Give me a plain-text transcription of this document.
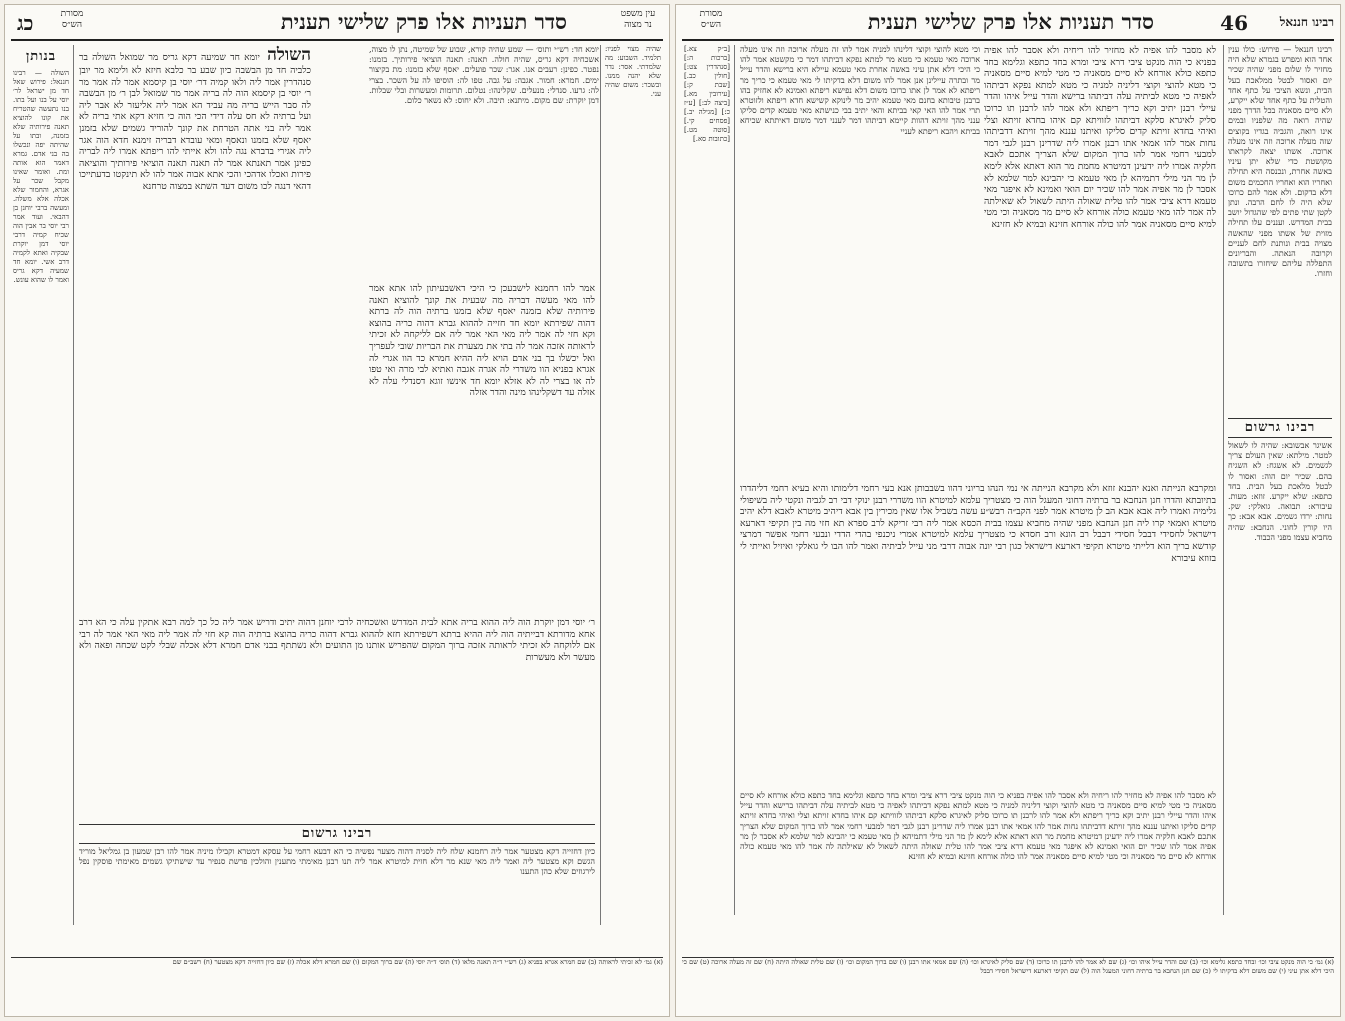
רבינו חננאל
46
סדר תעניות אלו פרק שלישי תענית
מסורת הש״ס
רבינו חננאל — פירוש: כולו ענין אחד הוא ומפרש בגמרא שלא היה מחזיר לו שלום מפני שהיה שכיר יום ואסור לבטל ממלאכת בעל הבית, ונשא הציבי על כתף אחד והטלית על כתף אחד שלא ייקרע, ולא סיים מסאניה בכל הדרך מפני שהיה רואה מה שלפניו ובמים אינו רואה, והגביה בגדיו בקוצים שזה מעלה ארוכה וזה אינו מעלה ארוכה. אשתו יצאה לקראתו מקושטת כדי שלא יתן עיניו באשה אחרת, ונכנסה היא תחילה ואחריו הוא ואחריו החכמים משום דלא בדקום. ולא אמר להם כרוכו שלא היה לו לחם הרבה. ונתן לקטן שתי פתים לפי שהגדול יושב בבית המדרש. ועננים עלו תחילה מזוית של אשתו מפני שהאשה מצויה בבית ונותנת לחם לעניים וקרובה הנאתה. והבריונים התפללה עליהם שיחזרו בתשובה וחזרו.
[ב״ק צא.] [ברכות ה:] [סנהדרין צט:] [חולין כב.] [שבת ק:] [עירובין מא.] [ביצה לב:] [ע״ז כ:] [מגילה יב.] [פסחים קי.] [סוטה מט.] [כתובות סא.]
וכי מטא להוצי וקוצי דלינהו למניה אמר להו זה מעלה ארוכה וזה אינו מעלה ארוכה מאי טעמא כי מטא מר למתא נפקא דביתהו דמר כי מקשטא אמר להו כי היכי דלא אתן עיני באשה אחרת מאי טעמא עיילא היא ברישא והדר עייל מר ובתרה עיילינן אנן אמר להו משום דלא בדקיתו לי מאי טעמא כי כריך מר ריפתא לא אמר לן אתו כרוכו משום דלא נפישא ריפתא ואמינא לא אחזיק בהו ברבנן טיבותא בחנם מאי טעמא יהיב מר לינוקא קשישא חדא ריפתא ולזוטרא תרי אמר להו האי קאי בביתא והאי יתיב בבי כנישתא מאי טעמא קדים סליקו ענני מהך זויתא דהוות קיימא דביתהו דמר לענני דמר משום דאיתתא שכיחא בביתא ויהבא ריפתא לעניי
לא מסבר להו אפיה לא מחזיר להו ריחיה ולא אסבר להו אפיה בפניא כי הוה מנקט ציבי דרא ציבי ומרא בחד כתפא וגלימא בחד כתפא כולא אורחא לא סיים מסאניה כי מטי למיא סיים מסאניה כי מטא להוצי וקוצי דליניה למניה כי מטא למתא נפקא דביתהו לאפיה כי מטא לביתיה עלה דביתהו ברישא והדר עייל איהו והדר עיילי רבנן יתיב וקא כריך ריפתא ולא אמר להו לרבנן תו כרוכו סליק לאיגרא סלקא דביתהו לזוויתא קם איהו בחדא זויתא וצלי ואיהי בחדא זויתא קדים סליקו ואיתנו עננא מהך זויתא דדביתהו נחות אמר להו אמאי אתו רבנן אמרו ליה שדרינן רבנן לגבי דמר למבעי רחמי אמר להו ברוך המקום שלא הצריך אתכם לאבא חלקיה אמרו ליה ידעינן דמיטרא מחמת מר הוא דאתא אלא לימא לן מר הני מילי דתמיהא לן מאי טעמא כי יהבינא למר שלמא לא אסבר לן מר אפיה אמר להו שכיר יום הואי ואמינא לא איפגר מאי טעמא דרא ציבי אמר להו טלית שאולה היתה לשאול לא שאילתה לה אמר להו מאי טעמא כולה אורחא לא סיים מר מסאניה וכי מטי למיא סיים מסאניה אמר להו כולה אורחא חזינא ובמיא לא חזינא
ומקרבא הנייתה ואנא יהבנא זוזא ולא מקרבא הנייתה אי נמי הנהו בריוני דהוו בשבבותן אנא בעי רחמי דלימותו והיא בעיא רחמי דליהדרו בתיובתא והדרו חנן הנחבא בר ברתיה דחוני המעגל הוה כי מצטריך עלמא למיטרא הוו משדרי רבנן ינוקי דבי רב לגביה ונקטי ליה בשיפולי גלימיה ואמרו ליה אבא אבא הב לן מיטרא אמר לפני הקב״ה רבש״ע עשה בשביל אלו שאין מכירין בין אבא דיהיב מיטרא לאבא דלא יהיב מיטרא ואמאי קרו ליה חנן הנחבא מפני שהיה מחביא עצמו בבית הכסא אמר ליה רבי זריקא לרב ספרא תא חזי מה בין תקיפי דארעא דישראל לחסידי דבבל חסידי דבבל רב הונא ורב חסדא כי מצטריך עלמא למיטרא אמרי ניכנפי בהדי הדדי ונבעי רחמי אפשר דמרצי קודשא בריך הוא דלייתי מיטרא תקיפי דארעא דישראל כגון רבי יונה אבוה דרבי מני עייל לביתיה ואמר להו הבו לי גואלקי ואיזיל ואייתי לי בזוזא עיבורא
רבינו גרשום
אשיגר אבשובא: שהיה לו לשאול למטר. מילתא: שאין העולם צריך לגשמים. לא אשגח: לא השגיח בהם. שכיר יום הוה: ואסור לו לבטל מלאכת בעל הבית. בחד כתפא: שלא ייקרע. זוזא: מעות. עיבורא: תבואה. גואלקי: שק. נחות: ירדו גשמים. אבא אבא: כך היו קורין לחוני. הנחבא: שהיה מחביא עצמו מפני הכבוד.
לא מסבר להו אפיה לא מחזיר להו ריחיה ולא אסבר להו אפיה בפניא כי הוה מנקט ציבי דרא ציבי ומרא בחד כתפא וגלימא בחד כתפא כולא אורחא לא סיים מסאניה כי מטי למיא סיים מסאניה כי מטא להוצי וקוצי דליניה למניה כי מטא למתא נפקא דביתהו לאפיה כי מטא לביתיה עלה דביתהו ברישא והדר עייל איהו והדר עיילי רבנן יתיב וקא כריך ריפתא ולא אמר להו לרבנן תו כרוכו סליק לאיגרא סלקא דביתהו לזוויתא קם איהו בחדא זויתא וצלי ואיהי בחדא זויתא קדים סליקו ואיתנו עננא מהך זויתא דדביתהו נחות אמר להו אמאי אתו רבנן אמרו ליה שדרינן רבנן לגבי דמר למבעי רחמי אמר להו ברוך המקום שלא הצריך אתכם לאבא חלקיה אמרו ליה ידעינן דמיטרא מחמת מר הוא דאתא אלא לימא לן מר הני מילי דתמיהא לן מאי טעמא כי יהבינא למר שלמא לא אסבר לן מר אפיה אמר להו שכיר יום הואי ואמינא לא איפגר מאי טעמא דרא ציבי אמר להו טלית שאולה היתה לשאול לא שאילתה לה אמר להו מאי טעמא כולה אורחא לא סיים מר מסאניה וכי מטי למיא סיים מסאניה אמר להו כולה אורחא חזינא ובמיא לא חזינא
(א) גמ׳ כי הוה מנקט ציבי וכו׳ ובחד כתפא גלימא וכו׳ (ב) שם והדר עייל איהו וכו׳ (ג) שם לא אמר להו לרבנן תו כרוכו (ד) שם סליק לאיגרא וכו׳ (ה) שם אמאי אתו רבנן (ו) שם ברוך המקום וכו׳ (ז) שם טלית שאולה היתה (ח) שם זה מעלה ארוכה (ט) שם כי היכי דלא אתן עיני (י) שם משום דלא בדקיתו לי (כ) שם חנן הנחבא בר ברתיה דחוני המעגל הוה (ל) שם תקיפי דארעא דישראל חסידי דבבל
עין משפט נר מצוה
כג	סדר תעניות אלו פרק שלישי תענית
מסורת הש״ס
יומא חד: רש״י ותוס׳ — שמע שהיה קורא, שבוע של שמיטה, נתן לו מצוה, אשכחיה דקא גריס, שהיה חולה. תאנה: תאנה הוציאי פירותיך. בזמנו: נפטר. כפינן: רעבים אנו. אגר: שכר פועלים. יאסף שלא בזמנו: מת בקיצור ימים. חמרא: חמור. אגבה: על גבה. טפו לה: הוסיפו לה על השכר. בצרי לה: גרעו. סנדלי: מנעלים. שקלינהו: נטלום. תרומות ומעשרות ובלי שבלות. דמן יוקרת: שם מקום. מיתנא: תיבה. ולא יחוס: לא נשאר כלום.
בנותן
השולה — רבינו חננאל: פירוש שאל חד מן ישראל לר׳ יוסי על בנו ועל בתו. בנו נתעשה שהטריח את קונו להוציא תאנה פירותיה שלא בזמנה, ובתו על שהיתה יפה ונכשלו בה בני אדם. גמרא דאמר הוא אותה ומת. ואומר שאינו מקבל שכר על אגרא, והחמור שלא אכלה אלא משלה. ומעשה ברבי יוחנן בן דהבאי. ועוד אמר רבי יוסי בר אבין הוה שכיח קמיה דרבי יוסי דמן יוקרת שבקיה ואתא לקמיה דרב אשי. יומא חד שמעיה דקא גריס ואמר לו שהוא עונש.
שהיה מצוי לפניו: תלמיד. השבוע: מה שלמדתי. אסר: נדר שלא יהנה ממנו. ובשכר: משום שהיה עני.
השולה יומא חד שמיעה דקא גריס מר שמואל השולה בר כלביה חד מן הבשבה כיון שבע בר כלבא חיזא לא ולימא מר יובן סנהדרין אמר ליה ולאו קמיה דר׳ יוסי בן קיסמא אמר לה אמר מר ר׳ יוסי בן קיסמא הוה לה בריה אמר מר שמואל לבן ר׳ מן הבשבה לה סבר הייש בריה מה עביד הא אמר ליה אליעזר לא אבר ליה ועל ברתיה לא חס עלה דידי הכי הוה כי חזיא דקא אתי בריה לא אמר ליה בני אתה הטרחת את קונך להוריד גשמים שלא בזמנן יאסף שלא בזמנו ונאסף ומאי עובדא דבריה זימנא חדא הוה אגר ליה אגירי בדברא נגה להו ולא אייתי להו ריפתא אמרו ליה לבריה כפינן אמר תאנתא אמר לה תאנה תאנה הוציאי פירותיך והוציאה פירות ואכלו אדהכי והכי אתא אבוה אמר להו לא תינקטו בדעתייכו דהאי דנגה לכו משום דעד השתא במצוה טרחנא
אמר להו רחמנא לישבעכן כי היכי דאשבעיתון להו אתא אמר להו מאי מעשה דבריה מה שבעית את קונך להוציא תאנה פירותיה שלא בזמנה יאסף שלא בזמנו ברתיה הוה לה ברתא דהוה שפירתא יומא חד חזייה לההוא גברא דהוה כריה בהוצא וקא חזי לה אמר ליה מאי האי אמר ליה אם לליקחה לא זכיתי לראותה אזכה אמר לה בתי את מצערת את הבריות שובי לעפריך ואל יכשלו בך בני אדם הויא ליה ההיא חמרא כד הוו אגרי לה אגרא בפניא הוו משדרי לה אגרה אגבה ואתיא לבי מרה ואי טפו לה או בצרי לה לא אזלא יומא חד אינשו זוגא דסנדלי עלה לא אזלה עד דשקלינהו מינה והדר אזלה
ר׳ יוסי דמן יוקרת הוה ליה ההוא בריה אתא לבית המדרש ואשכחיה לרבי יוחנן דהוה יתיב ודריש אמר ליה כל כך למה רבא אתקין עלה כי הא דרב אחא מדורתא דבייתיה הוה ליה ההיא ברתא דשפירתא חזא לההוא גברא דהוה כריה בהוצא ברתיה הוה קא חזי לה אמר ליה מאי האי אמר לה רבי אם ללוקחה לא זכיתי לראותה אזכה ברוך המקום שהפריש אותנו מן התועים ולא נשתתף בבני אדם חמרא דלא אכלה שבלי לקט שכחה ופאה ולא מעשר ולא מעשרות
רבינו גרשום
כיון דחזייה דקא מצטער אמר ליה רחמנא שלח ליה לסניה דהוה מצער נפשיה כי הא דבעא רחמי על עסקא דמטרא וקבילו מיניה אמר להו רבן שמעון בן גמליאל מוריד הגשם וקא מצטער ליה ואמר ליה מאי שנא מר דלא חזית למיטרא אמר ליה תנו רבנן מאימתי מתענין והולכין פרשת סנפיר עד שישתיקו גשמים מאימתי פוסקין נפל לירגוזים שלא כהן התענו
(א) גמ׳ לא זכיתי לראותה (ב) שם חמרא אגרא בפניא (ג) רש״י ד״ה תאנה מלאו (ד) תוס׳ ד״ה יוסי (ה) שם ברוך המקום (ו) שם חמרא דלא אכלה (ז) שם כיון דחזייה דקא מצטער (ח) רשב״ם שם
